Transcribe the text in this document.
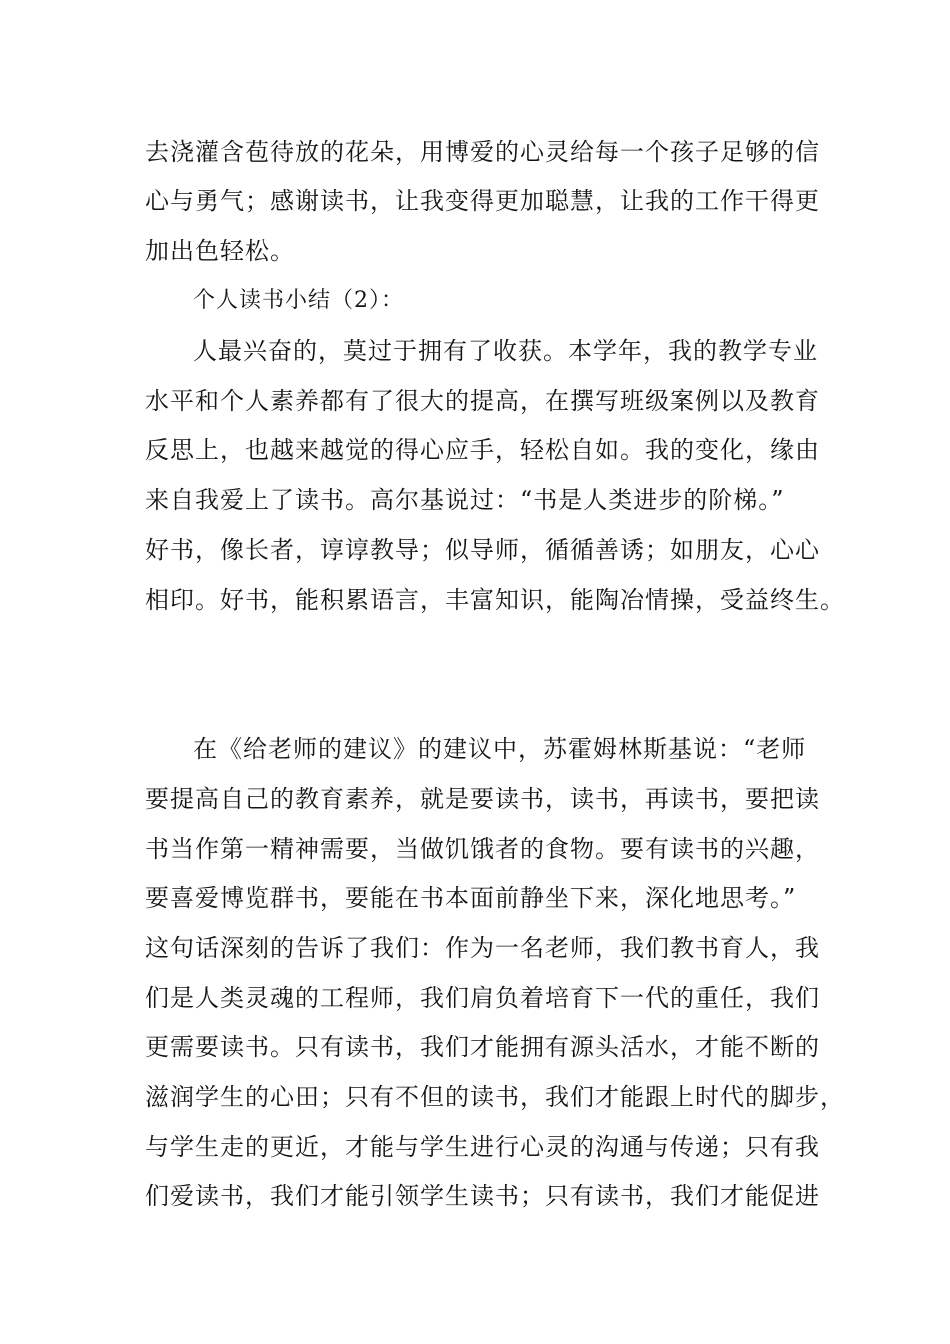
去浇灌含苞待放的花朵，用博爱的心灵给每一个孩子足够的信
心与勇气；感谢读书，让我变得更加聪慧，让我的工作干得更
加出色轻松。
个人读书小结（2）：
人最兴奋的，莫过于拥有了收获。本学年，我的教学专业
水平和个人素养都有了很大的提高，在撰写班级案例以及教育
反思上，也越来越觉的得心应手，轻松自如。我的变化，缘由
来自我爱上了读书。高尔基说过：“书是人类进步的阶梯。”
好书，像长者，谆谆教导；似导师，循循善诱；如朋友，心心
相印。好书，能积累语言，丰富知识，能陶冶情操，受益终生。
在《给老师的建议》的建议中，苏霍姆林斯基说：“老师
要提高自己的教育素养，就是要读书，读书，再读书，要把读
书当作第一精神需要，当做饥饿者的食物。要有读书的兴趣，
要喜爱博览群书，要能在书本面前静坐下来，深化地思考。”
这句话深刻的告诉了我们：作为一名老师，我们教书育人，我
们是人类灵魂的工程师，我们肩负着培育下一代的重任，我们
更需要读书。只有读书，我们才能拥有源头活水，才能不断的
滋润学生的心田；只有不但的读书，我们才能跟上时代的脚步，
与学生走的更近，才能与学生进行心灵的沟通与传递；只有我
们爱读书，我们才能引领学生读书；只有读书，我们才能促进
